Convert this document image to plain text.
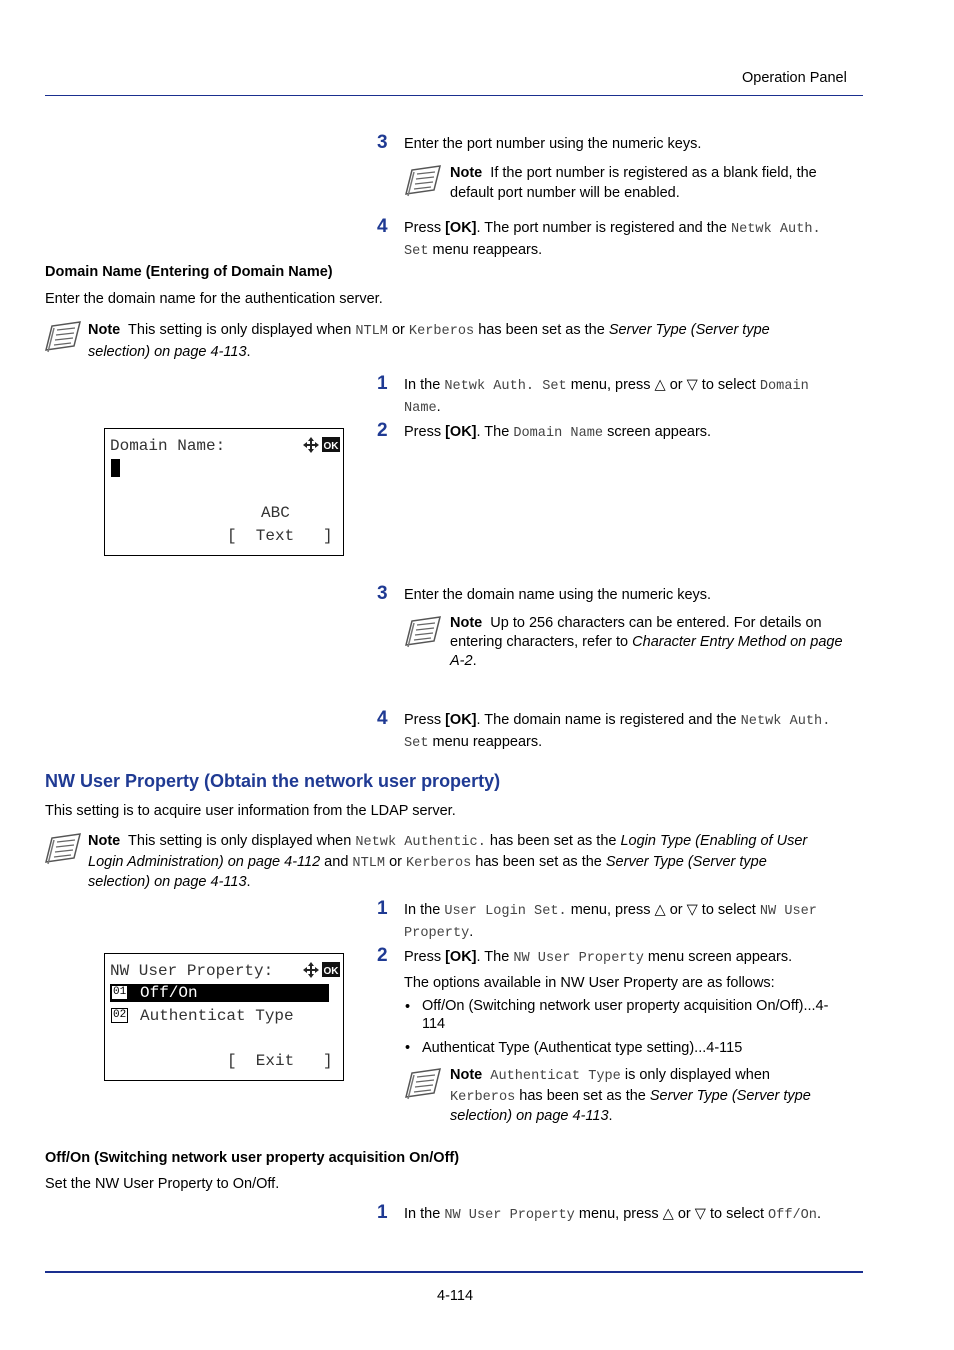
Operation Panel
3 Enter the port number using the numeric keys.
Note If the port number is registered as a blank field, the
default port number will be enabled.
4 Press [OK]. The port number is registered and the Netwk Auth.
Set menu reappears.
Domain Name (Entering of Domain Name)
Enter the domain name for the authentication server.
Note This setting is only displayed when NTLM or Kerberos has been set as the Server Type (Server type
selection) on page 4-113.
1 In the Netwk Auth. Set menu, press △ or ▽ to select Domain
Name.
2 Press [OK]. The Domain Name screen appears.
Domain Name:	OK
ABC
[  Text   ]
3 Enter the domain name using the numeric keys.
Note Up to 256 characters can be entered. For details on
entering characters, refer to Character Entry Method on page
A-2.
4 Press [OK]. The domain name is registered and the Netwk Auth.
Set menu reappears.
NW User Property (Obtain the network user property)
This setting is to acquire user information from the LDAP server.
Note This setting is only displayed when Netwk Authentic. has been set as the Login Type (Enabling of User
Login Administration) on page 4-112 and NTLM or Kerberos has been set as the Server Type (Server type
selection) on page 4-113.
1 In the User Login Set. menu, press △ or ▽ to select NW User
Property.
2 Press [OK]. The NW User Property menu screen appears.
The options available in NW User Property are as follows:
• Off/On (Switching network user property acquisition On/Off)...4-
114
• Authenticat Type (Authenticat type setting)...4-115
Note Authenticat Type is only displayed when
Kerberos has been set as the Server Type (Server type
selection) on page 4-113.
NW User Property:	OK
01 Off/On
02 Authenticat Type
[  Exit   ]
Off/On (Switching network user property acquisition On/Off)
Set the NW User Property to On/Off.
1 In the NW User Property menu, press △ or ▽ to select Off/On.
4-114
